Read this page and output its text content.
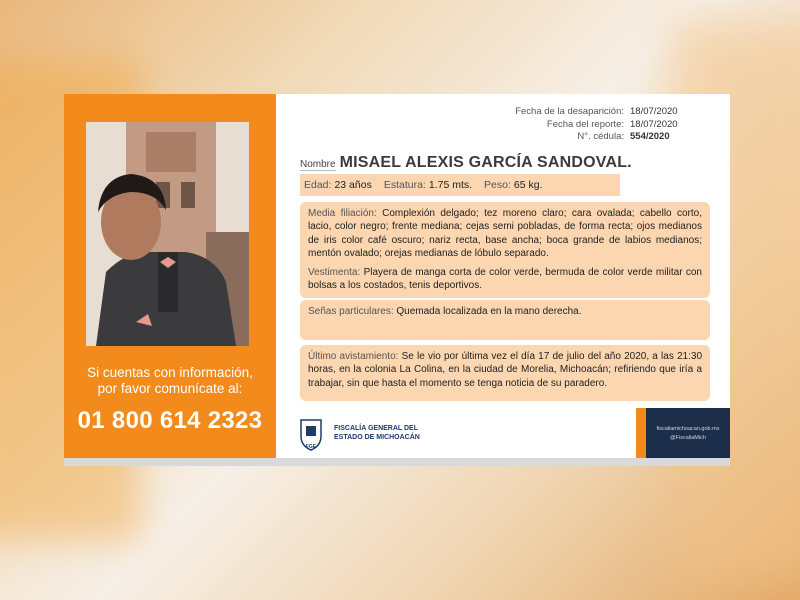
Si cuentas con información,
por favor comunícate al:
01 800 614 2323
Fecha de la desaparición: 18/07/2020
Fecha del reporte: 18/07/2020
N°. cédula: 554/2020
Nombre MISAEL ALEXIS GARCÍA SANDOVAL.
Edad: 23 años Estatura: 1.75 mts. Peso: 65 kg.
Media filiación: Complexión delgado; tez moreno claro; cara ovalada; cabello corto, lacio, color negro; frente mediana; cejas semi pobladas, de forma recta; ojos medianos de iris color café oscuro; nariz recta, base ancha; boca grande de labios medianos; mentón ovalado; orejas medianas de lóbulo separado.
Vestimenta: Playera de manga corta de color verde, bermuda de color verde militar con bolsas a los costados, tenis deportivos.
Señas particulares: Quemada localizada en la mano derecha.
Último avistamiento: Se le vio por última vez el día 17 de julio del año 2020, a las 21:30 horas, en la colonia La Colina, en la ciudad de Morelia, Michoacán; refiriendo que iría a trabajar, sin que hasta el momento se tenga noticia de su paradero.
FGE
FISCALÍA GENERAL DEL
ESTADO DE MICHOACÁN
fiscaliamichoacan.gob.mx
@FiscaliaMich
